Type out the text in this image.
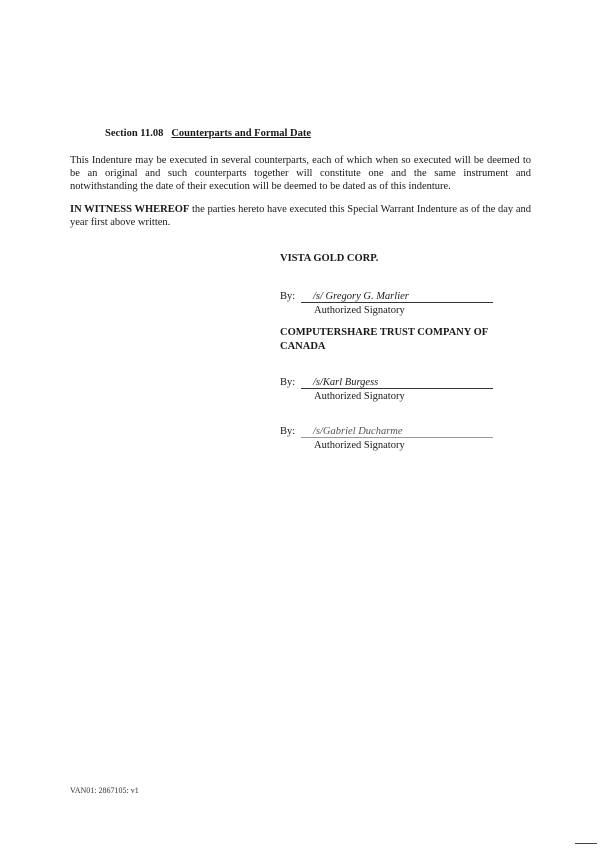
Section 11.08 Counterparts and Formal Date
This Indenture may be executed in several counterparts, each of which when so executed will be deemed to be an original and such counterparts together will constitute one and the same instrument and notwithstanding the date of their execution will be deemed to be dated as of this indenture.
IN WITNESS WHEREOF the parties hereto have executed this Special Warrant Indenture as of the day and year first above written.
VISTA GOLD CORP.
By: /s/ Gregory G. Marlier
Authorized Signatory
COMPUTERSHARE TRUST COMPANY OF CANADA
By: /s/Karl Burgess
Authorized Signatory
By: /s/Gabriel Ducharme
Authorized Signatory
VAN01: 2867105: v1
